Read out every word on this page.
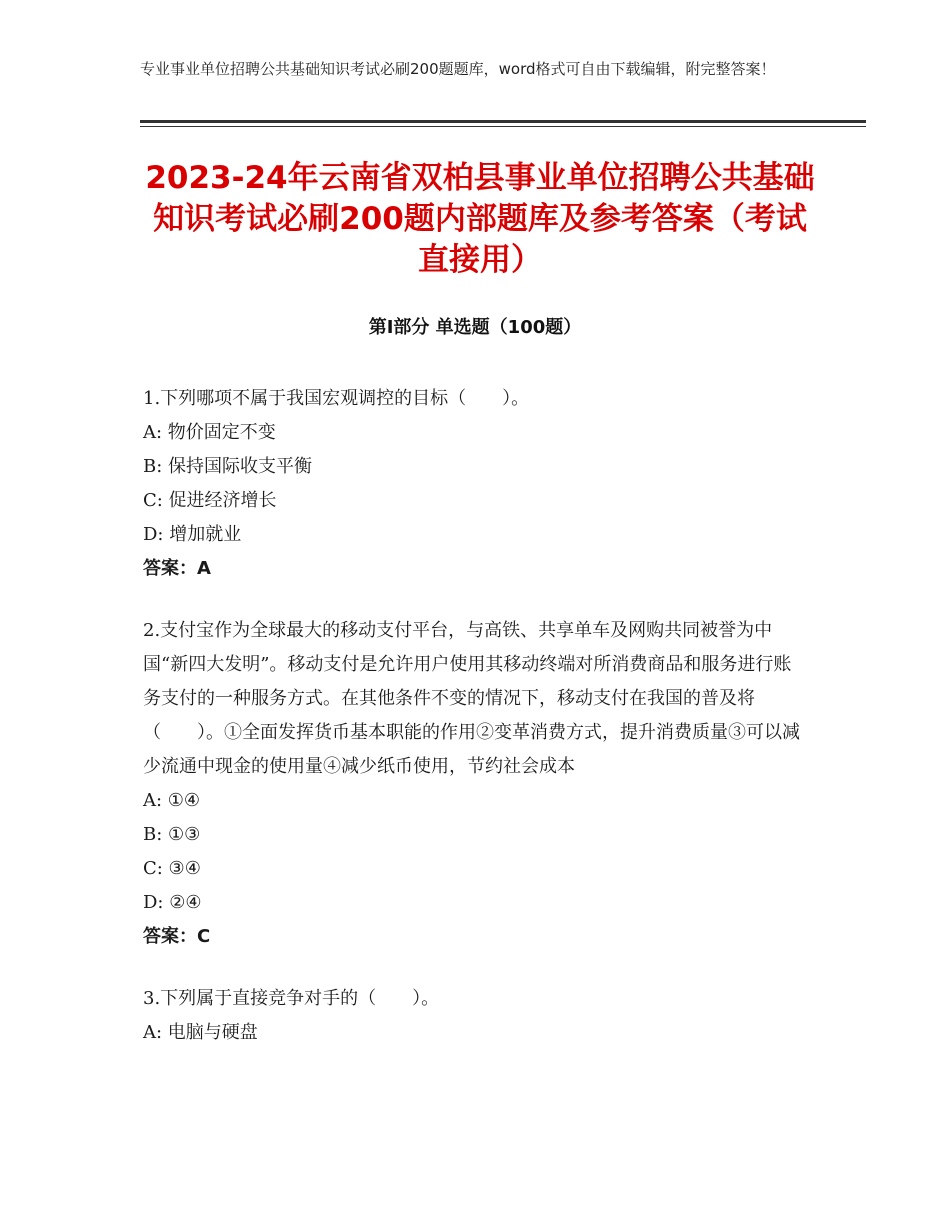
专业事业单位招聘公共基础知识考试必刷200题题库，word格式可自由下载编辑，附完整答案！
2023-24年云南省双柏县事业单位招聘公共基础知识考试必刷200题内部题库及参考答案（考试直接用）
第Ⅰ部分 单选题（100题）

1.下列哪项不属于我国宏观调控的目标（　　）。

A: 物价固定不变

B: 保持国际收支平衡

C: 促进经济增长

D: 增加就业

答案：A

2.支付宝作为全球最大的移动支付平台，与高铁、共享单车及网购共同被誉为中国“新四大发明”。移动支付是允许用户使用其移动终端对所消费商品和服务进行账务支付的一种服务方式。在其他条件不变的情况下，移动支付在我国的普及将（　　）。①全面发挥货币基本职能的作用②变革消费方式，提升消费质量③可以减少流通中现金的使用量④减少纸币使用，节约社会成本

A: ①④

B: ①③

C: ③④

D: ②④

答案：C

3.下列属于直接竞争对手的（　　）。

A: 电脑与硬盘
